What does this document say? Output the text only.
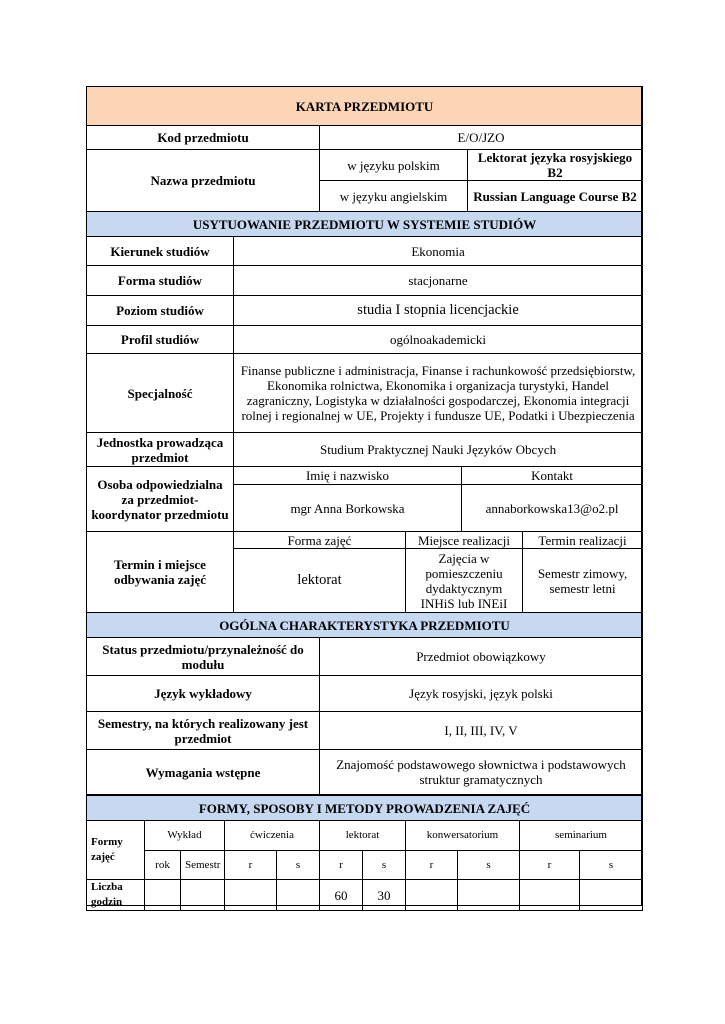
KARTA PRZEDMIOTU
Kod przedmiotu	E/O/JZO	
Nazwa przedmiotu	w języku polskim	Lektorat języka rosyjskiego B2
	w języku angielskim	Russian Language Course B2
USYTUOWANIE PRZEDMIOTU W SYSTEMIE STUDIÓW				
Kierunek studiów	Ekonomia			
Forma studiów	stacjonarne			
Poziom studiów	studia I stopnia licencjackie			
Profil studiów	ogólnoakademicki			
Specjalność	Finanse publiczne i administracja, Finanse i rachunkowość przedsiębiorstw, Ekonomika rolnictwa, Ekonomika i organizacja turystyki, Handel zagraniczny, Logistyka w działalności gospodarczej, Ekonomia integracji rolnej i regionalnej w UE, Projekty i fundusze UE, Podatki i Ubezpieczenia			
Jednostka prowadząca przedmiot	Studium Praktycznej Nauki Języków Obcych			
Osoba odpowiedzialna za przedmiot- koordynator przedmiotu	Imię i nazwisko		Kontakt	
	mgr Anna Borkowska		annaborkowska13@o2.pl	
Termin i miejsce odbywania zajęć	Forma zajęć	Miejsce realizacji		Termin realizacji
	lektorat	Zajęcia w pomieszczeniu dydaktycznym INHiS lub INEiI		Semestr zimowy, semestr letni
OGÓLNA CHARAKTERYSTYKA PRZEDMIOTU	
Status przedmiotu/przynależność do modułu	Przedmiot obowiązkowy
Język wykładowy	Język rosyjski, język polski
Semestry, na których realizowany jest przedmiot	I, II, III, IV, V
Wymagania wstępne	Znajomość podstawowego słownictwa i podstawowych struktur gramatycznych
FORMY, SPOSOBY I METODY PROWADZENIA ZAJĘĆ										
Formy zajęć	Wykład		ćwiczenia		lektorat		konwersatorium		seminarium	
	rok	Semestr	r	s	r	s	r	s	r	s
Liczba godzin					60	30				
